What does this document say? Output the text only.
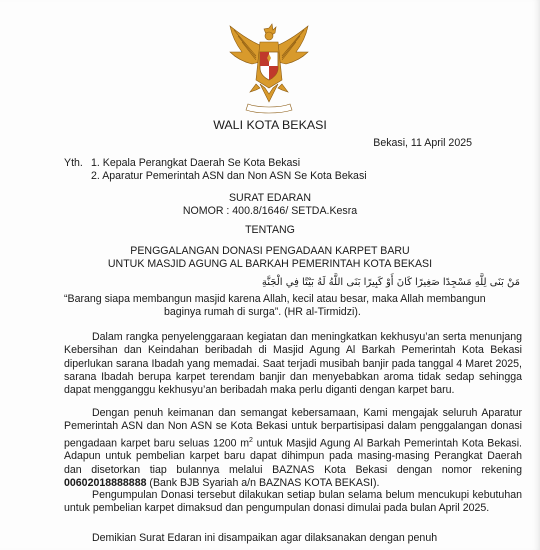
WALI KOTA BEKASI
Bekasi, 11 April 2025
Yth. 1. Kepala Perangkat Daerah Se Kota Bekasi
2. Aparatur Pemerintah ASN dan Non ASN Se Kota Bekasi
SURAT EDARAN
NOMOR : 400.8/1646/ SETDA.Kesra
TENTANG
PENGGALANGAN DONASI PENGADAAN KARPET BARU
UNTUK MASJID AGUNG AL BARKAH PEMERINTAH KOTA BEKASI
مَنْ بَنَى لِلَّهِ مَسْجِدًا صَغِيرًا كَانَ أَوْ كَبِيرًا بَنَى اللَّهُ لَهُ بَيْتًا فِي الْجَنَّةِ
“Barang siapa membangun masjid karena Allah, kecil atau besar, maka Allah membangun
baginya rumah di surga”. (HR al-Tirmidzi).
Dalam rangka penyelenggaraan kegiatan dan meningkatkan kekhusyu’an serta menunjang Kebersihan dan Keindahan beribadah di Masjid Agung Al Barkah Pemerintah Kota Bekasi diperlukan sarana Ibadah yang memadai. Saat terjadi musibah banjir pada tanggal 4 Maret 2025, sarana Ibadah berupa karpet terendam banjir dan menyebabkan aroma tidak sedap sehingga dapat mengganggu kekhusyu’an beribadah maka perlu diganti dengan karpet baru.
Dengan penuh keimanan dan semangat kebersamaan, Kami mengajak seluruh Aparatur Pemerintah ASN dan Non ASN se Kota Bekasi untuk berpartisipasi dalam penggalangan donasi pengadaan karpet baru seluas 1200 $m^2$ untuk Masjid Agung Al Barkah Pemerintah Kota Bekasi. Adapun untuk pembelian karpet baru dapat dihimpun pada masing-masing Perangkat Daerah dan disetorkan tiap bulannya melalui BAZNAS Kota Bekasi dengan nomor rekening 00602018888888 (Bank BJB Syariah a/n BAZNAS KOTA BEKASI).
Pengumpulan Donasi tersebut dilakukan setiap bulan selama belum mencukupi kebutuhan untuk pembelian karpet dimaksud dan pengumpulan donasi dimulai pada bulan April 2025.
Demikian Surat Edaran ini disampaikan agar dilaksanakan dengan penuh
